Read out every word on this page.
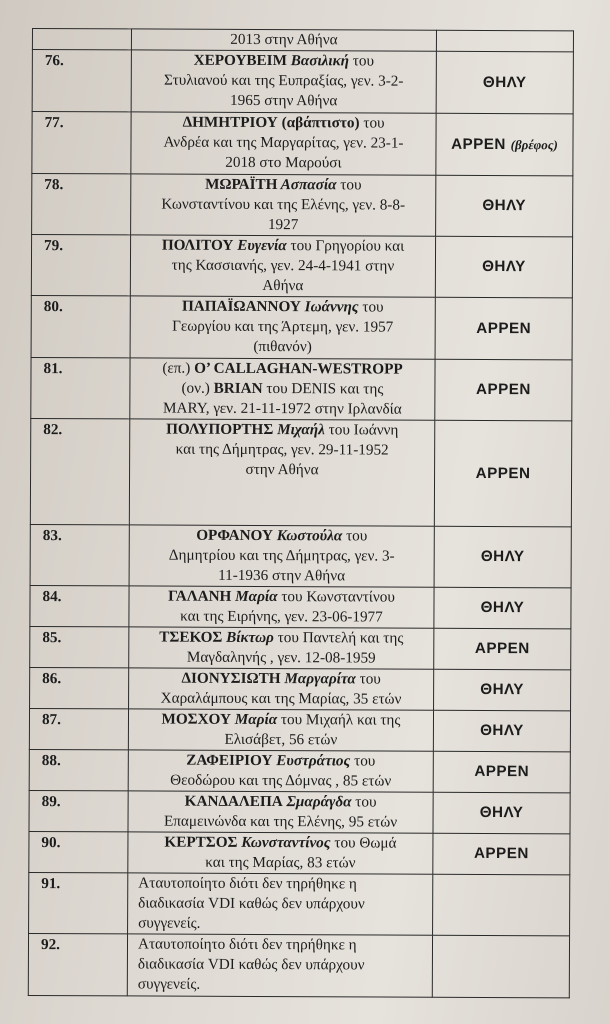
	2013 στην Αθήνα	

76.	ΧΕΡΟΥΒΕΙΜ Βασιλική του
Στυλιανού και της Ευπραξίας, γεν. 3-2-
1965 στην Αθήνα	ΘΗΛΥ
77.	ΔΗΜΗΤΡΙΟΥ (αβάπτιστο) του
Ανδρέα και της Μαργαρίτας, γεν. 23-1-
2018 στο Μαρούσι	ΑΡΡΕΝ (βρέφος)
78.	ΜΩΡΑΪΤΗ Ασπασία του
Κωνσταντίνου και της Ελένης, γεν. 8-8-
1927	ΘΗΛΥ
79.	ΠΟΛΙΤΟΥ Ευγενία του Γρηγορίου και
της Κασσιανής, γεν. 24-4-1941 στην
Αθήνα	ΘΗΛΥ
80.	ΠΑΠΑΪΩΑΝΝΟΥ Ιωάννης του
Γεωργίου και της Άρτεμη, γεν. 1957
(πιθανόν)	ΑΡΡΕΝ
81.	(επ.) O’ CALLAGHAN-WESTROPP
(ον.) BRIAN του DENIS και της
MARY, γεν. 21-11-1972 στην Ιρλανδία	ΑΡΡΕΝ
82.	ΠΟΛΥΠΟΡΤΗΣ Μιχαήλ του Ιωάννη
και της Δήμητρας, γεν. 29-11-1952
στην Αθήνα	ΑΡΡΕΝ
83.	ΟΡΦΑΝΟΥ Κωστούλα του
Δημητρίου και της Δήμητρας, γεν. 3-
11-1936 στην Αθήνα	ΘΗΛΥ
84.	ΓΑΛΑΝΗ Μαρία του Κωνσταντίνου
και της Ειρήνης, γεν. 23-06-1977	ΘΗΛΥ
85.	ΤΣΕΚΟΣ Βίκτωρ του Παντελή και της
Μαγδαληνής , γεν. 12-08-1959	ΑΡΡΕΝ
86.	ΔΙΟΝΥΣΙΩΤΗ Μαργαρίτα του
Χαραλάμπους και της Μαρίας, 35 ετών	ΘΗΛΥ
87.	ΜΟΣΧΟΥ Μαρία του Μιχαήλ και της
Ελισάβετ, 56 ετών	ΘΗΛΥ
88.	ΖΑΦΕΙΡΙΟΥ Ευστράτιος του
Θεοδώρου και της Δόμνας , 85 ετών	ΑΡΡΕΝ
89.	ΚΑΝΔΑΛΕΠΑ Σμαράγδα του
Επαμεινώνδα και της Ελένης, 95 ετών	ΘΗΛΥ
90.	ΚΕΡΤΣΟΣ Κωνσταντίνος του Θωμά
και της Μαρίας, 83 ετών	ΑΡΡΕΝ
91.	Αταυτοποίητο διότι δεν τηρήθηκε η
διαδικασία VDI καθώς δεν υπάρχουν
συγγενείς.	

92.	Αταυτοποίητο διότι δεν τηρήθηκε η
διαδικασία VDI καθώς δεν υπάρχουν
συγγενείς.	
